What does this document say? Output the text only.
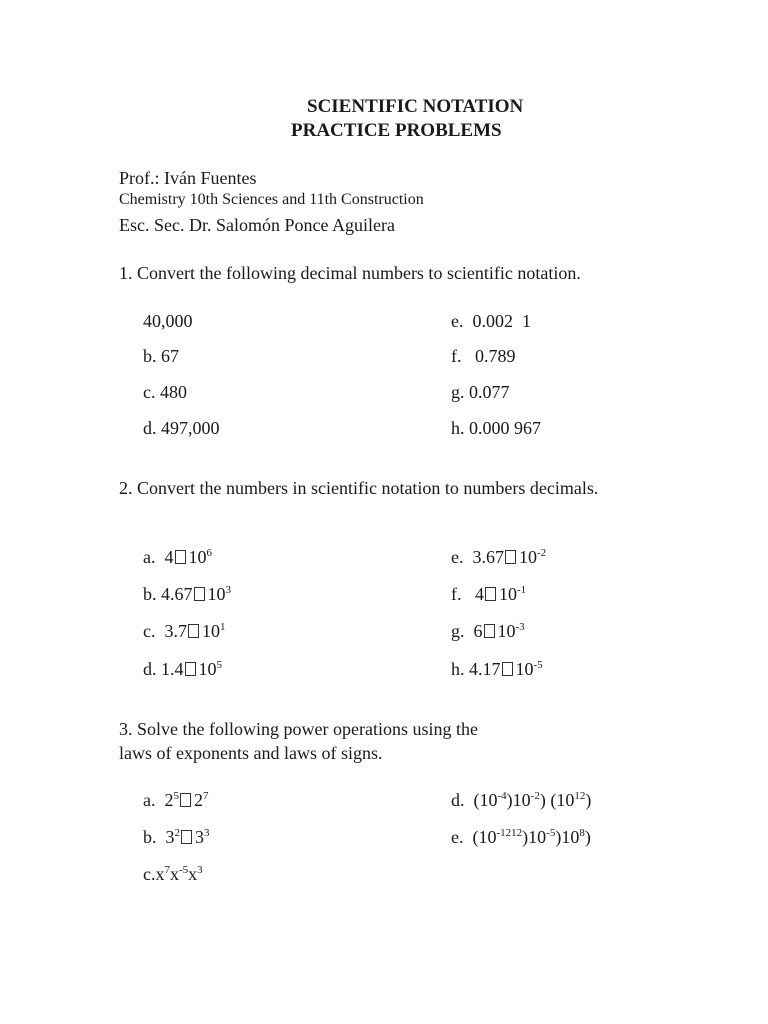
SCIENTIFIC NOTATION
PRACTICE PROBLEMS
Prof.: Iván Fuentes
Chemistry 10th Sciences and 11th Construction
Esc. Sec. Dr. Salomón Ponce Aguilera
1. Convert the following decimal numbers to scientific notation.
40,000
b. 67
c. 480
d. 497,000
e.  0.002  1
f.   0.789
g. 0.077
h. 0.000 967
2. Convert the numbers in scientific notation to numbers decimals.
a.  4 $10^6$
b. 4.67 $10^3$
c.  3.7 $10^1$
d. 1.4 $10^5$
e.  3.67 $10^{-2}$
f.   4 $10^{-1}$
g.  6 $10^{-3}$
h. 4.17 $10^{-5}$
3. Solve the following power operations using the
laws of exponents and laws of signs.
a.  $2^5$ $2^7$
b.  $3^2$ $3^3$
$c.x^7x^{-5}x^3$
d.  $(10^{-4})10^{-2}$) $(10^{12})$
e.  $(10^{-1212})10^{-5})10^8$)
